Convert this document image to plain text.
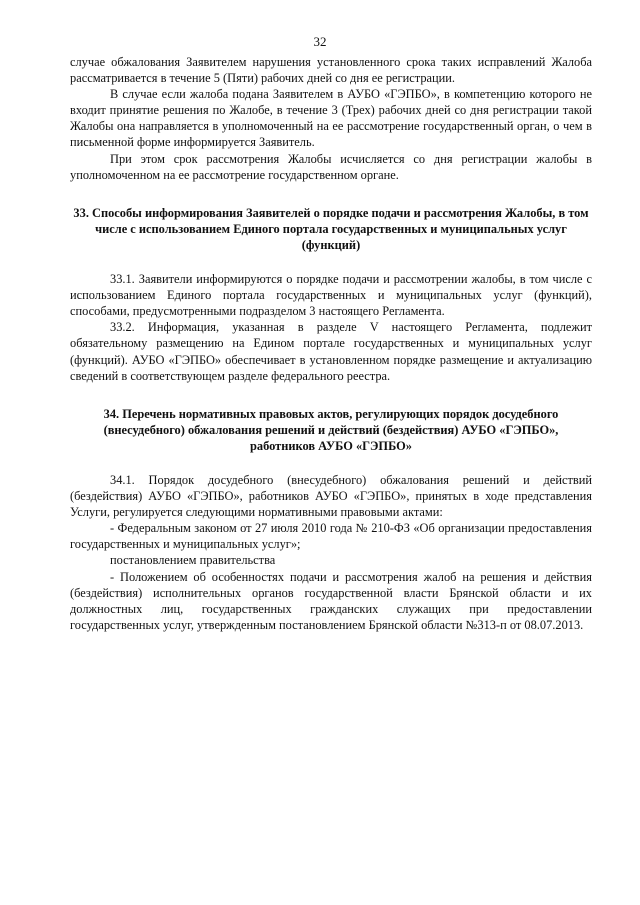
32

случае обжалования Заявителем нарушения установленного срока таких исправлений Жалоба рассматривается в течение 5 (Пяти) рабочих дней со дня ее регистрации.

В случае если жалоба подана Заявителем в АУБО «ГЭПБО», в компетенцию которого не входит принятие решения по Жалобе, в течение 3 (Трех) рабочих дней со дня регистрации такой Жалобы она направляется в уполномоченный на ее рассмотрение государственный орган, о чем в письменной форме информируется Заявитель.

При этом срок рассмотрения Жалобы исчисляется со дня регистрации жалобы в уполномоченном на ее рассмотрение государственном органе.

33. Способы информирования Заявителей о порядке подачи и рассмотрения Жалобы, в том числе с использованием Единого портала государственных и муниципальных услуг (функций)

33.1. Заявители информируются о порядке подачи и рассмотрении жалобы, в том числе с использованием Единого портала государственных и муниципальных услуг (функций), способами, предусмотренными подразделом 3 настоящего Регламента.

33.2. Информация, указанная в разделе V настоящего Регламента, подлежит обязательному размещению на Едином портале государственных и муниципальных услуг (функций). АУБО «ГЭПБО» обеспечивает в установленном порядке размещение и актуализацию сведений в соответствующем разделе федерального реестра.

34. Перечень нормативных правовых актов, регулирующих порядок досудебного (внесудебного) обжалования решений и действий (бездействия) АУБО «ГЭПБО», работников АУБО «ГЭПБО»

34.1. Порядок досудебного (внесудебного) обжалования решений и действий (бездействия) АУБО «ГЭПБО», работников АУБО «ГЭПБО», принятых в ходе представления Услуги, регулируется следующими нормативными правовыми актами:

- Федеральным законом от 27 июля 2010 года № 210-ФЗ «Об организации предоставления государственных и муниципальных услуг»;

постановлением правительства

- Положением об особенностях подачи и рассмотрения жалоб на решения и действия (бездействия) исполнительных органов государственной власти Брянской области и их должностных лиц, государственных гражданских служащих при предоставлении государственных услуг, утвержденным постановлением Брянской области №313-п от 08.07.2013.
